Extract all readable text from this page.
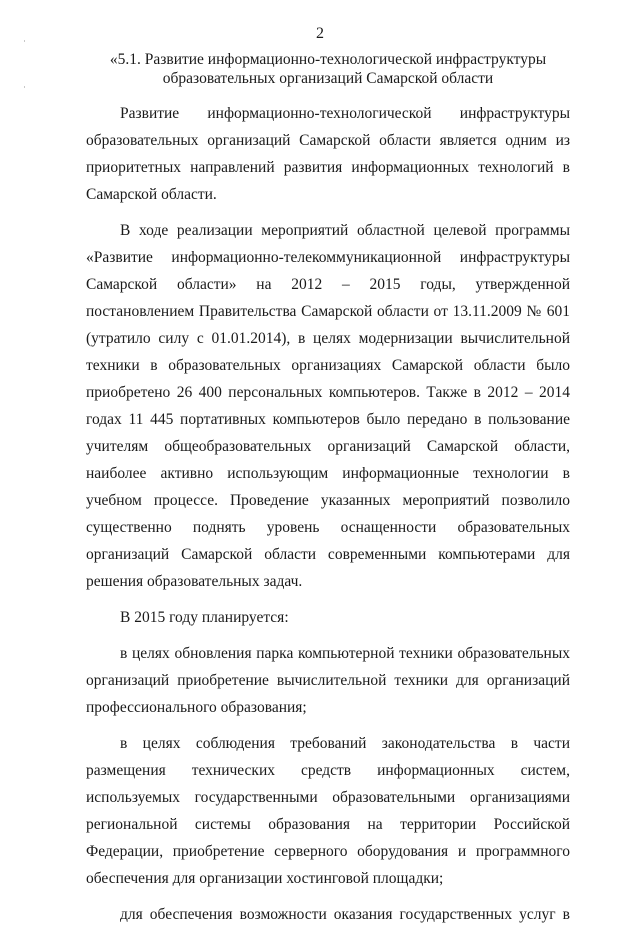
2
«5.1. Развитие информационно-технологической инфраструктуры образовательных организаций Самарской области

Развитие информационно-технологической инфраструктуры образовательных организаций Самарской области является одним из приоритетных направлений развития информационных технологий в Самарской области.

В ходе реализации мероприятий областной целевой программы «Развитие информационно-телекоммуникационной инфраструктуры Самарской области» на 2012 – 2015 годы, утвержденной постановлением Правительства Самарской области от 13.11.2009 № 601 (утратило силу с 01.01.2014), в целях модернизации вычислительной техники в образовательных организациях Самарской области было приобретено 26 400 персональных компьютеров. Также в 2012 – 2014 годах 11 445 портативных компьютеров было передано в пользование учителям общеобразовательных организаций Самарской области, наиболее активно использующим информационные технологии в учебном процессе. Проведение указанных мероприятий позволило существенно поднять уровень оснащенности образовательных организаций Самарской области современными компьютерами для решения образовательных задач.

В 2015 году планируется:

в целях обновления парка компьютерной техники образовательных организаций приобретение вычислительной техники для организаций профессионального образования;

в целях соблюдения требований законодательства в части размещения технических средств информационных систем, используемых государственными образовательными организациями региональной системы образования на территории Российской Федерации, приобретение серверного оборудования и программного обеспечения для организации хостинговой площадки;

для обеспечения возможности оказания государственных услуг в
